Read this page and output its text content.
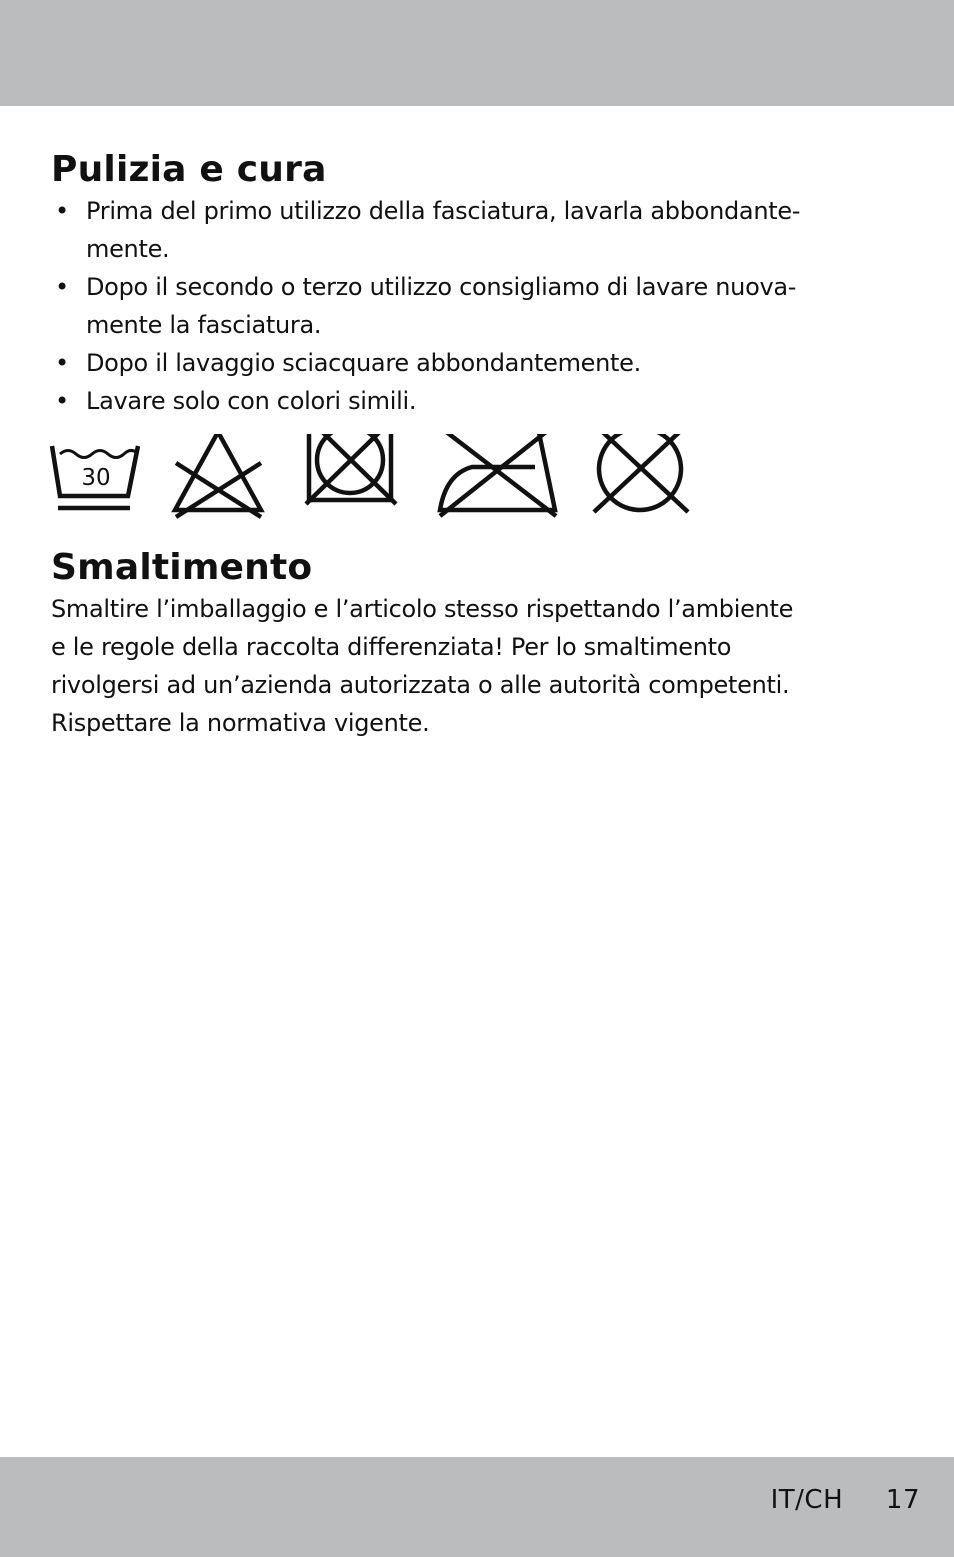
Pulizia e cura
• Prima del primo utilizzo della fasciatura, lavarla abbondante-
mente.
• Dopo il secondo o terzo utilizzo consigliamo di lavare nuova-
mente la fasciatura.
• Dopo il lavaggio sciacquare abbondantemente.
• Lavare solo con colori simili.
30
Smaltimento

Smaltire l’imballaggio e l’articolo stesso rispettando l’ambiente
e le regole della raccolta differenziata! Per lo smaltimento
rivolgersi ad un’azienda autorizzata o alle autorità competenti.
Rispettare la normativa vigente.

IT/CH 17
